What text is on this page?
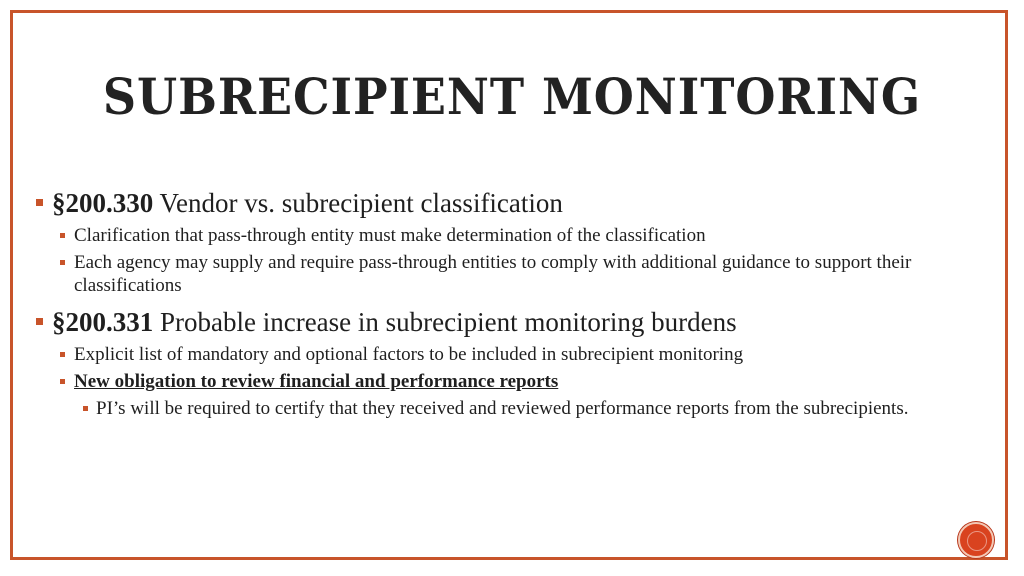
SUBRECIPIENT MONITORING
§200.330 Vendor vs. subrecipient classification
Clarification that pass-through entity must make determination of the classification
Each agency may supply and require pass-through entities to comply with additional guidance to support their classifications
§200.331 Probable increase in subrecipient monitoring burdens
Explicit list of mandatory and optional factors to be included in subrecipient monitoring
New obligation to review financial and performance reports
PI’s will be required to certify that they received and reviewed performance reports from the subrecipients.
